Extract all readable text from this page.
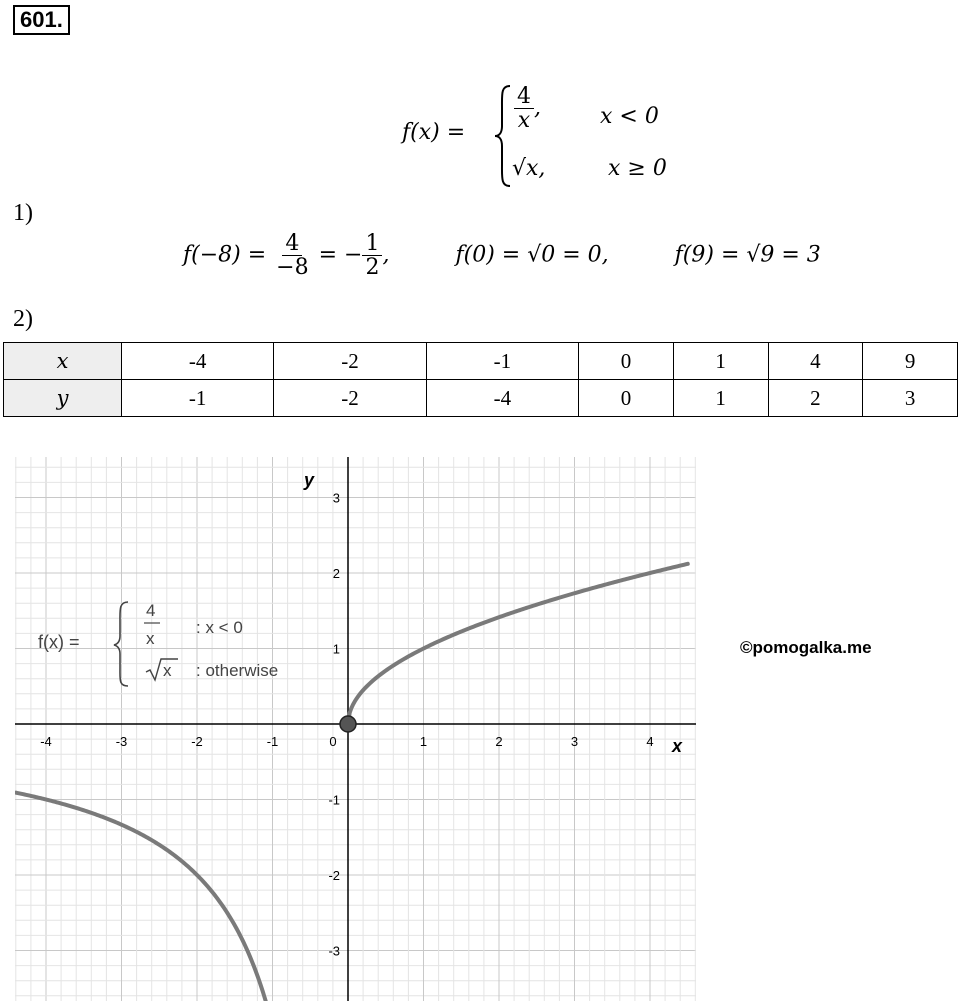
601.
f(x) =
$\frac{4}{x}$ ,	x < 0
√x,	x ≥ 0
1)
$f(-8) = \frac{4}{-8}$ = − $\frac{1}{2}$ ,	f(0) = √0 = 0,	f(9) = √9 = 3
2)
x	-4	-2	-1	0	1	4	9
y	-1	-2	-4	0	1	2	3
-4	-3	-2	-1	0	1	2	3	4
3
2
1
-1
-2
-3
x
y
f(x) =
4
x
: x < 0
x : otherwise
©pomogalka.me
